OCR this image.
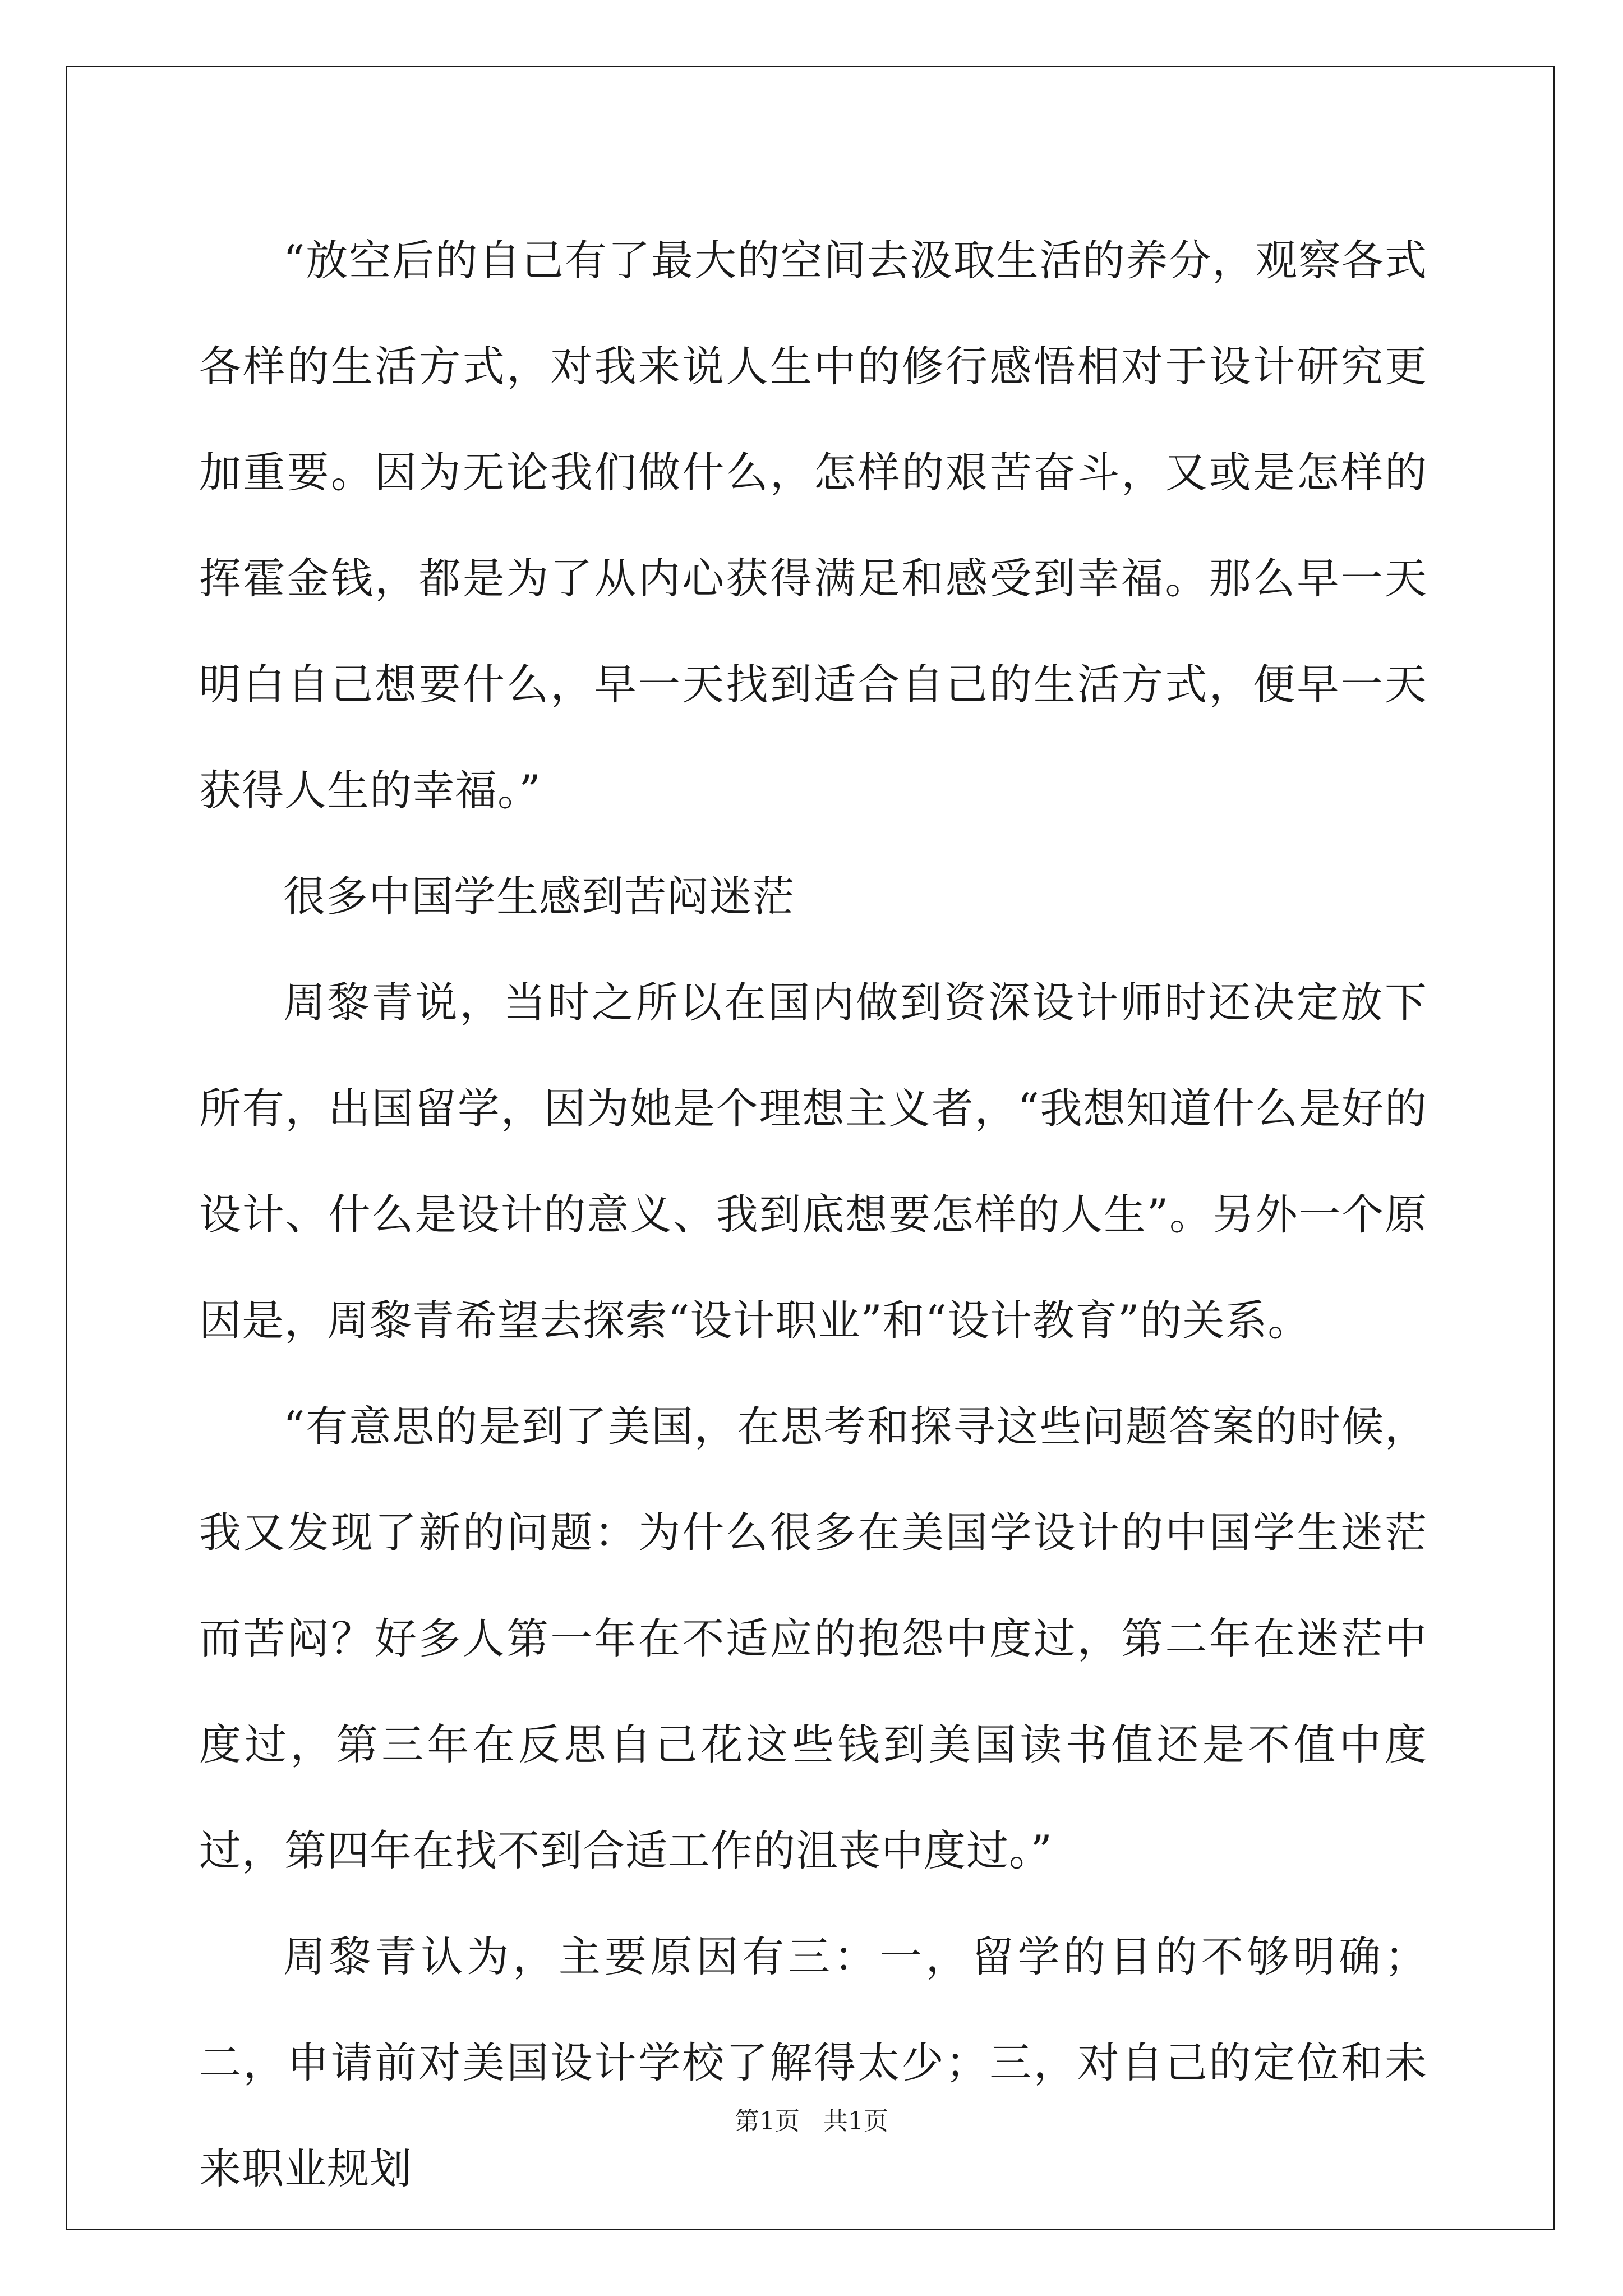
“放空后的自己有了最大的空间去汲取生活的养分，观察各式各样的生活方式，对我来说人生中的修行感悟相对于设计研究更加重要。因为无论我们做什么，怎样的艰苦奋斗，又或是怎样的挥霍金钱，都是为了从内心获得满足和感受到幸福。那么早一天明白自己想要什么，早一天找到适合自己的生活方式，便早一天获得人生的幸福。”

很多中国学生感到苦闷迷茫

周黎青说，当时之所以在国内做到资深设计师时还决定放下所有，出国留学，因为她是个理想主义者，“我想知道什么是好的设计、什么是设计的意义、我到底想要怎样的人生”。另外一个原因是，周黎青希望去探索“设计职业”和“设计教育”的关系。

“有意思的是到了美国，在思考和探寻这些问题答案的时候，我又发现了新的问题：为什么很多在美国学设计的中国学生迷茫而苦闷？好多人第一年在不适应的抱怨中度过，第二年在迷茫中度过，第三年在反思自己花这些钱到美国读书值还是不值中度过，第四年在找不到合适工作的沮丧中度过。”

周黎青认为，主要原因有三：一，留学的目的不够明确；二，申请前对美国设计学校了解得太少；三，对自己的定位和未来职业规划

第1页 共1页
